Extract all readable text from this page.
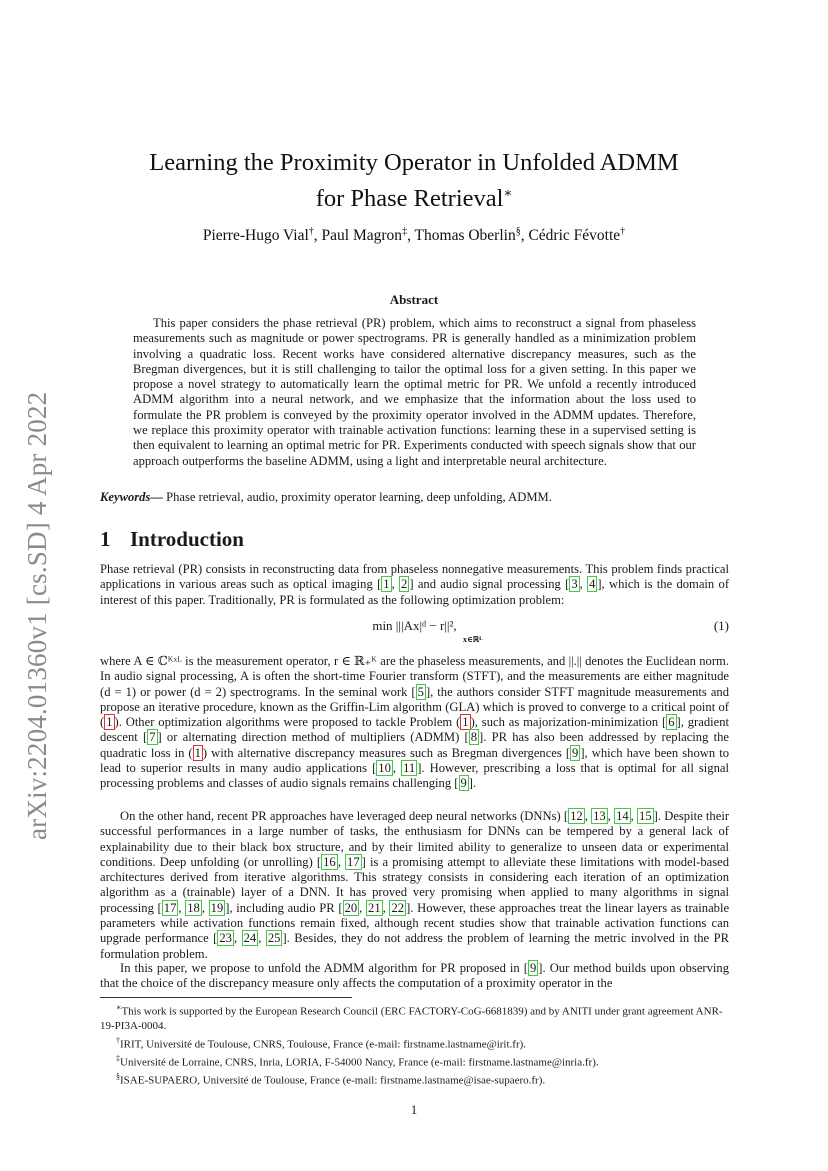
arXiv:2204.01360v1 [cs.SD] 4 Apr 2022
Learning the Proximity Operator in Unfolded ADMM
for Phase Retrieval∗
Pierre-Hugo Vial†, Paul Magron‡, Thomas Oberlin§, Cédric Févotte†
Abstract

This paper considers the phase retrieval (PR) problem, which aims to reconstruct a signal from phaseless measurements such as magnitude or power spectrograms. PR is generally handled as a minimization problem involving a quadratic loss. Recent works have considered alternative discrepancy measures, such as the Bregman divergences, but it is still challenging to tailor the optimal loss for a given setting. In this paper we propose a novel strategy to automatically learn the optimal metric for PR. We unfold a recently introduced ADMM algorithm into a neural network, and we emphasize that the information about the loss used to formulate the PR problem is conveyed by the proximity operator involved in the ADMM updates. Therefore, we replace this proximity operator with trainable activation functions: learning these in a supervised setting is then equivalent to learning an optimal metric for PR. Experiments conducted with speech signals show that our approach outperforms the baseline ADMM, using a light and interpretable neural architecture.

Keywords— Phase retrieval, audio, proximity operator learning, deep unfolding, ADMM.

1 Introduction

Phase retrieval (PR) consists in reconstructing data from phaseless nonnegative measurements. This problem finds practical applications in various areas such as optical imaging [ 1 , 2 ] and audio signal processing [ 3 , 4 ], which is the domain of interest of this paper. Traditionally, PR is formulated as the following optimization problem:

min |||Ax|ᵈ − r||²,
x∈ℝᴸ
(1)

where A ∈ ℂᴷˣᴸ is the measurement operator, r ∈ ℝ₊ᴷ are the phaseless measurements, and ||.|| denotes the Euclidean norm. In audio signal processing, A is often the short-time Fourier transform (STFT), and the measurements are either magnitude (d = 1) or power (d = 2) spectrograms. In the seminal work [ 5 ], the authors consider STFT magnitude measurements and propose an iterative procedure, known as the Griffin-Lim algorithm (GLA) which is proved to converge to a critical point of ( 1 ). Other optimization algorithms were proposed to tackle Problem ( 1 ), such as majorization-minimization [ 6 ], gradient descent [ 7 ] or alternating direction method of multipliers (ADMM) [ 8 ]. PR has also been addressed by replacing the quadratic loss in ( 1 ) with alternative discrepancy measures such as Bregman divergences [ 9 ], which have been shown to lead to superior results in many audio applications [ 10 , 11 ]. However, prescribing a loss that is optimal for all signal processing problems and classes of audio signals remains challenging [ 9 ].

On the other hand, recent PR approaches have leveraged deep neural networks (DNNs) [ 12 , 13 , 14 , 15 ]. Despite their successful performances in a large number of tasks, the enthusiasm for DNNs can be tempered by a general lack of explainability due to their black box structure, and by their limited ability to generalize to unseen data or experimental conditions. Deep unfolding (or unrolling) [ 16 , 17 ] is a promising attempt to alleviate these limitations with model-based architectures derived from iterative algorithms. This strategy consists in considering each iteration of an optimization algorithm as a (trainable) layer of a DNN. It has proved very promising when applied to many algorithms in signal processing [ 17 , 18 , 19 ], including audio PR [ 20 , 21 , 22 ]. However, these approaches treat the linear layers as trainable parameters while activation functions remain fixed, although recent studies show that trainable activation functions can upgrade performance [ 23 , 24 , 25 ]. Besides, they do not address the problem of learning the metric involved in the PR formulation problem.

In this paper, we propose to unfold the ADMM algorithm for PR proposed in [ 9 ]. Our method builds upon observing that the choice of the discrepancy measure only affects the computation of a proximity operator in the

∗This work is supported by the European Research Council (ERC FACTORY-CoG-6681839) and by ANITI under grant agreement ANR-19-PI3A-0004.

†IRIT, Université de Toulouse, CNRS, Toulouse, France (e-mail: firstname.lastname@irit.fr).

‡Université de Lorraine, CNRS, Inria, LORIA, F-54000 Nancy, France (e-mail: firstname.lastname@inria.fr).

§ISAE-SUPAERO, Université de Toulouse, France (e-mail: firstname.lastname@isae-supaero.fr).

1
